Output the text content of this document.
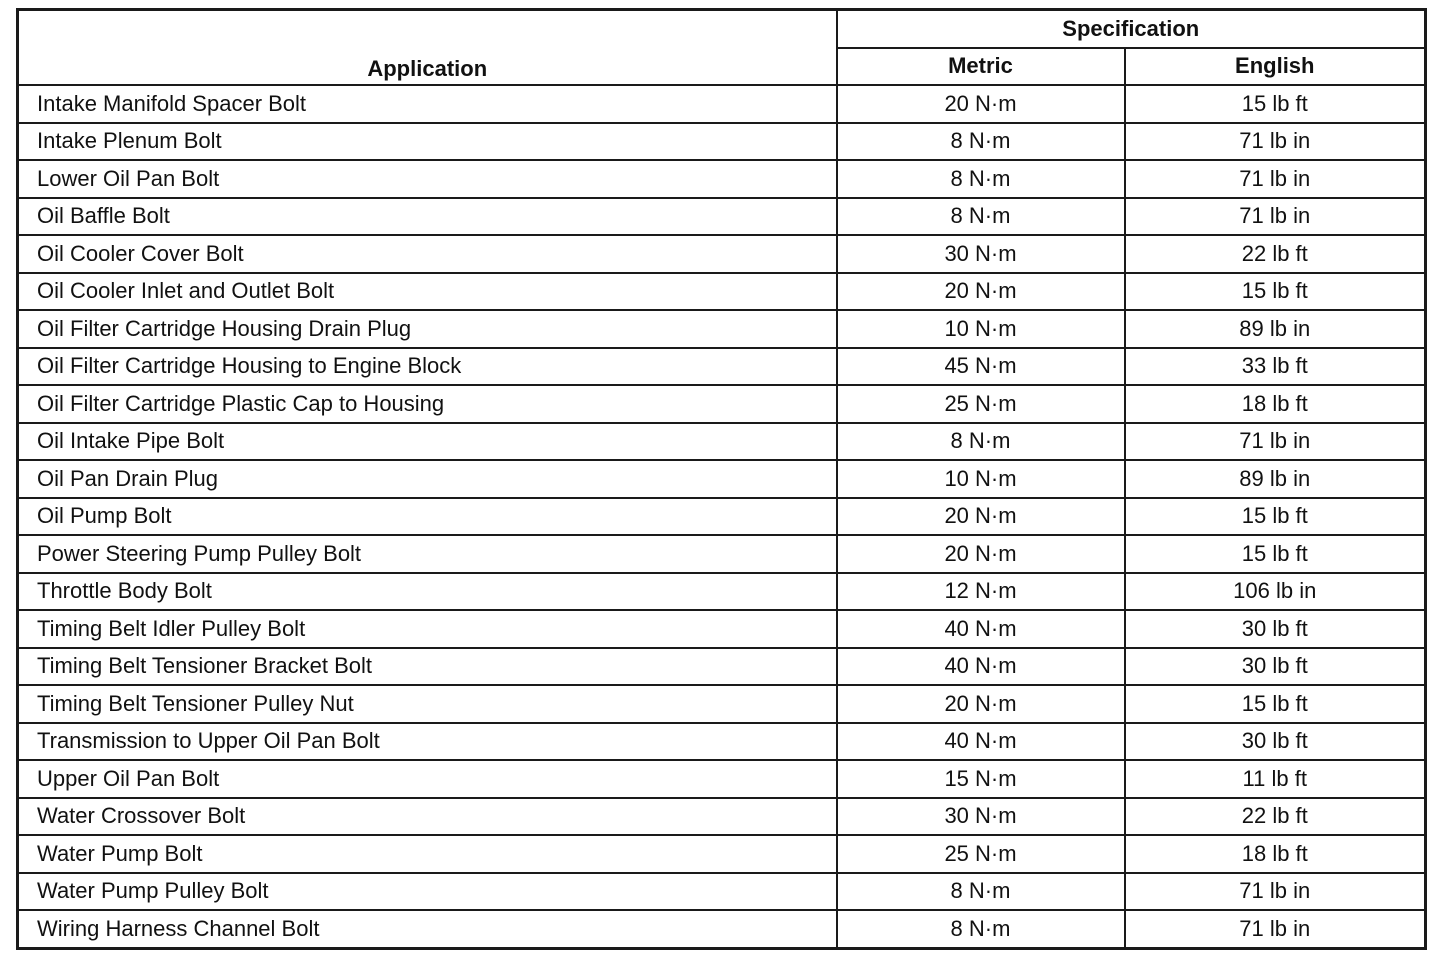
Application	Specification	
	Metric	English
Intake Manifold Spacer Bolt	20 N·m	15 lb ft
Intake Plenum Bolt	8 N·m	71 lb in
Lower Oil Pan Bolt	8 N·m	71 lb in
Oil Baffle Bolt	8 N·m	71 lb in
Oil Cooler Cover Bolt	30 N·m	22 lb ft
Oil Cooler Inlet and Outlet Bolt	20 N·m	15 lb ft
Oil Filter Cartridge Housing Drain Plug	10 N·m	89 lb in
Oil Filter Cartridge Housing to Engine Block	45 N·m	33 lb ft
Oil Filter Cartridge Plastic Cap to Housing	25 N·m	18 lb ft
Oil Intake Pipe Bolt	8 N·m	71 lb in
Oil Pan Drain Plug	10 N·m	89 lb in
Oil Pump Bolt	20 N·m	15 lb ft
Power Steering Pump Pulley Bolt	20 N·m	15 lb ft
Throttle Body Bolt	12 N·m	106 lb in
Timing Belt Idler Pulley Bolt	40 N·m	30 lb ft
Timing Belt Tensioner Bracket Bolt	40 N·m	30 lb ft
Timing Belt Tensioner Pulley Nut	20 N·m	15 lb ft
Transmission to Upper Oil Pan Bolt	40 N·m	30 lb ft
Upper Oil Pan Bolt	15 N·m	11 lb ft
Water Crossover Bolt	30 N·m	22 lb ft
Water Pump Bolt	25 N·m	18 lb ft
Water Pump Pulley Bolt	8 N·m	71 lb in
Wiring Harness Channel Bolt	8 N·m	71 lb in
